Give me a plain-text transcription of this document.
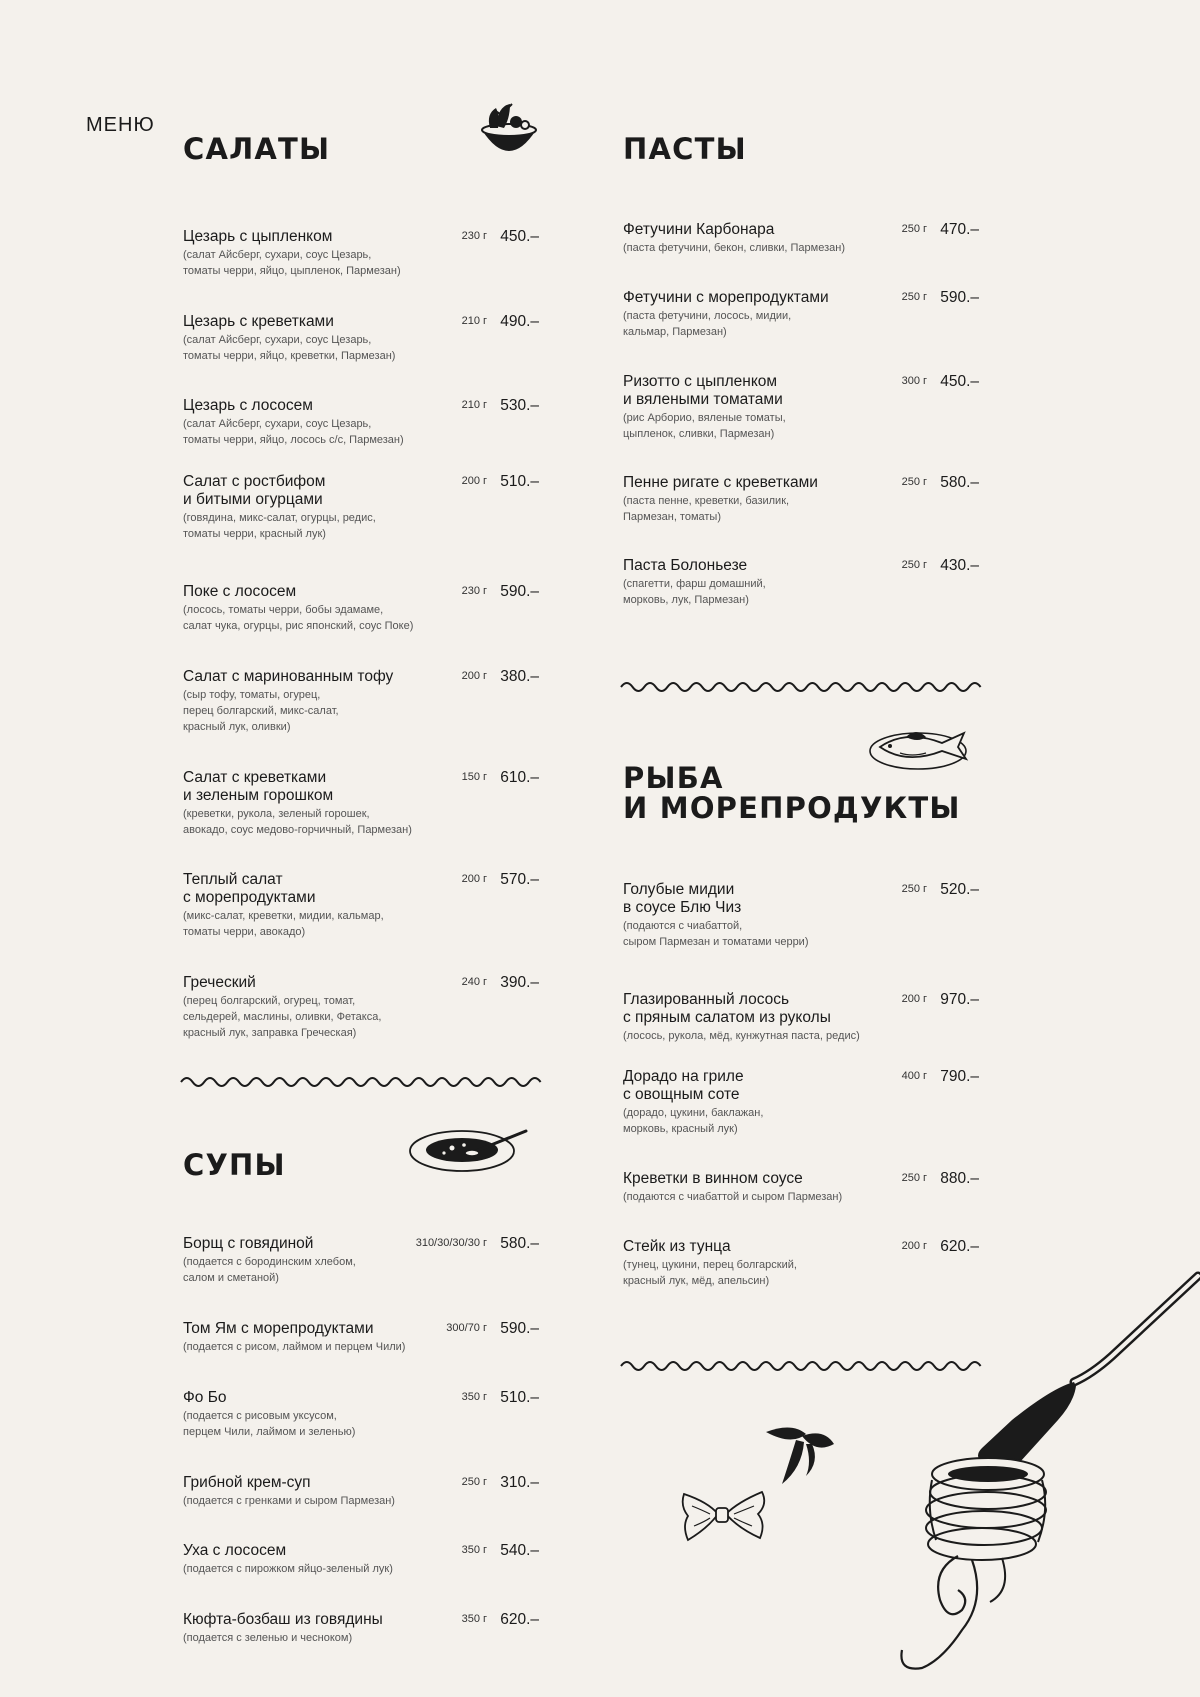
МЕНЮ
САЛАТЫ
Цезарь с цыпленком	230 г 450.–
(салат Айсберг, сухари, соус Цезарь,
томаты черри, яйцо, цыпленок, Пармезан)
Цезарь с креветками	210 г 490.–
(салат Айсберг, сухари, соус Цезарь,
томаты черри, яйцо, креветки, Пармезан)
Цезарь с лососем	210 г 530.–
(салат Айсберг, сухари, соус Цезарь,
томаты черри, яйцо, лосось с/с, Пармезан)
Салат с ростбифом
и битыми огурцами
200 г 510.–
(говядина, микс-салат, огурцы, редис,
томаты черри, красный лук)
Поке с лососем	230 г 590.–
(лосось, томаты черри, бобы эдамаме,
салат чука, огурцы, рис японский, соус Поке)
Салат с маринованным тофу	200 г 380.–
(сыр тофу, томаты, огурец,
перец болгарский, микс-салат,
красный лук, оливки)
Салат с креветками
и зеленым горошком
150 г 610.–
(креветки, рукола, зеленый горошек,
авокадо, соус медово-горчичный, Пармезан)
Теплый салат
с морепродуктами
200 г 570.–
(микс-салат, креветки, мидии, кальмар,
томаты черри, авокадо)
Греческий	240 г 390.–
(перец болгарский, огурец, томат,
сельдерей, маслины, оливки, Фетакса,
красный лук, заправка Греческая)
СУПЫ
Борщ с говядиной	310/30/30/30 г 580.–
(подается с бородинским хлебом,
салом и сметаной)
Том Ям с морепродуктами	300/70 г 590.–
(подается с рисом, лаймом и перцем Чили)
Фо Бо	350 г 510.–
(подается с рисовым уксусом,
перцем Чили, лаймом и зеленью)
Грибной крем-суп	250 г 310.–
(подается с гренками и сыром Пармезан)
Уха с лососем	350 г 540.–
(подается с пирожком яйцо-зеленый лук)
Кюфта-бозбаш из говядины	350 г 620.–
(подается с зеленью и чесноком)
ПАСТЫ
Фетучини Карбонара	250 г 470.–
(паста фетучини, бекон, сливки, Пармезан)
Фетучини с морепродуктами	250 г 590.–
(паста фетучини, лосось, мидии,
кальмар, Пармезан)
Ризотто с цыпленком
и вялеными томатами
300 г 450.–
(рис Арборио, вяленые томаты,
цыпленок, сливки, Пармезан)
Пенне ригате с креветками	250 г 580.–
(паста пенне, креветки, базилик,
Пармезан, томаты)
Паста Болоньезе	250 г 430.–
(спагетти, фарш домашний,
морковь, лук, Пармезан)
РЫБА
И МОРЕПРОДУКТЫ
Голубые мидии
в соусе Блю Чиз
250 г 520.–
(подаются с чиабаттой,
сыром Пармезан и томатами черри)
Глазированный лосось
с пряным салатом из руколы
200 г 970.–
(лосось, рукола, мёд, кунжутная паста, редис)
Дорадо на гриле
с овощным соте
400 г 790.–
(дорадо, цукини, баклажан,
морковь, красный лук)
Креветки в винном соусе	250 г 880.–
(подаются с чиабаттой и сыром Пармезан)
Стейк из тунца	200 г 620.–
(тунец, цукини, перец болгарский,
красный лук, мёд, апельсин)
